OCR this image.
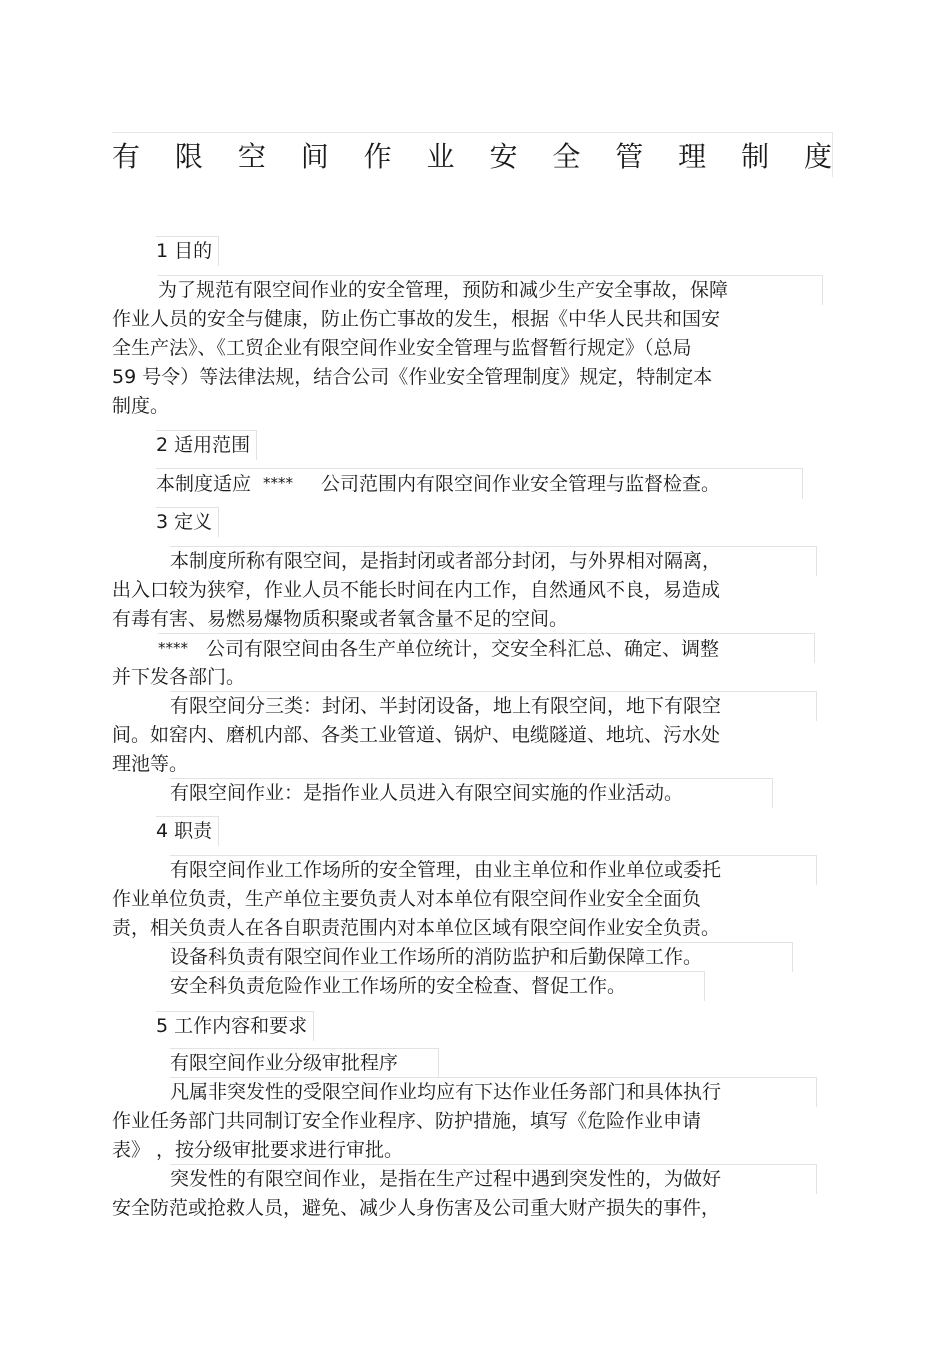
有 限 空 间 作 业 安 全 管 理 制 度
1 目的
为了规范有限空间作业的安全管理，预防和减少生产安全事故，保障
作业人员的安全与健康，防止伤亡事故的发生，根据《中华人民共和国安
全生产法》、《工贸企业有限空间作业安全管理与监督暂行规定》（总局
59 号令）等法律法规，结合公司《作业安全管理制度》规定，特制定本
制度。
2 适用范围
本制度适应 **** 公司范围内有限空间作业安全管理与监督检查。
3 定义
本制度所称有限空间，是指封闭或者部分封闭，与外界相对隔离，
出入口较为狭窄，作业人员不能长时间在内工作，自然通风不良，易造成
有毒有害、易燃易爆物质积聚或者氧含量不足的空间。
**** 公司有限空间由各生产单位统计，交安全科汇总、确定、调整
并下发各部门。
有限空间分三类：封闭、半封闭设备，地上有限空间，地下有限空
间。如窑内、磨机内部、各类工业管道、锅炉、电缆隧道、地坑、污水处
理池等。
有限空间作业：是指作业人员进入有限空间实施的作业活动。
4 职责
有限空间作业工作场所的安全管理，由业主单位和作业单位或委托
作业单位负责，生产单位主要负责人对本单位有限空间作业安全全面负
责，相关负责人在各自职责范围内对本单位区域有限空间作业安全负责。
设备科负责有限空间作业工作场所的消防监护和后勤保障工作。
安全科负责危险作业工作场所的安全检查、督促工作。
5 工作内容和要求
有限空间作业分级审批程序
凡属非突发性的受限空间作业均应有下达作业任务部门和具体执行
作业任务部门共同制订安全作业程序、防护措施，填写《危险作业申请
表》 ，按分级审批要求进行审批。
突发性的有限空间作业，是指在生产过程中遇到突发性的，为做好
安全防范或抢救人员，避免、减少人身伤害及公司重大财产损失的事件，
